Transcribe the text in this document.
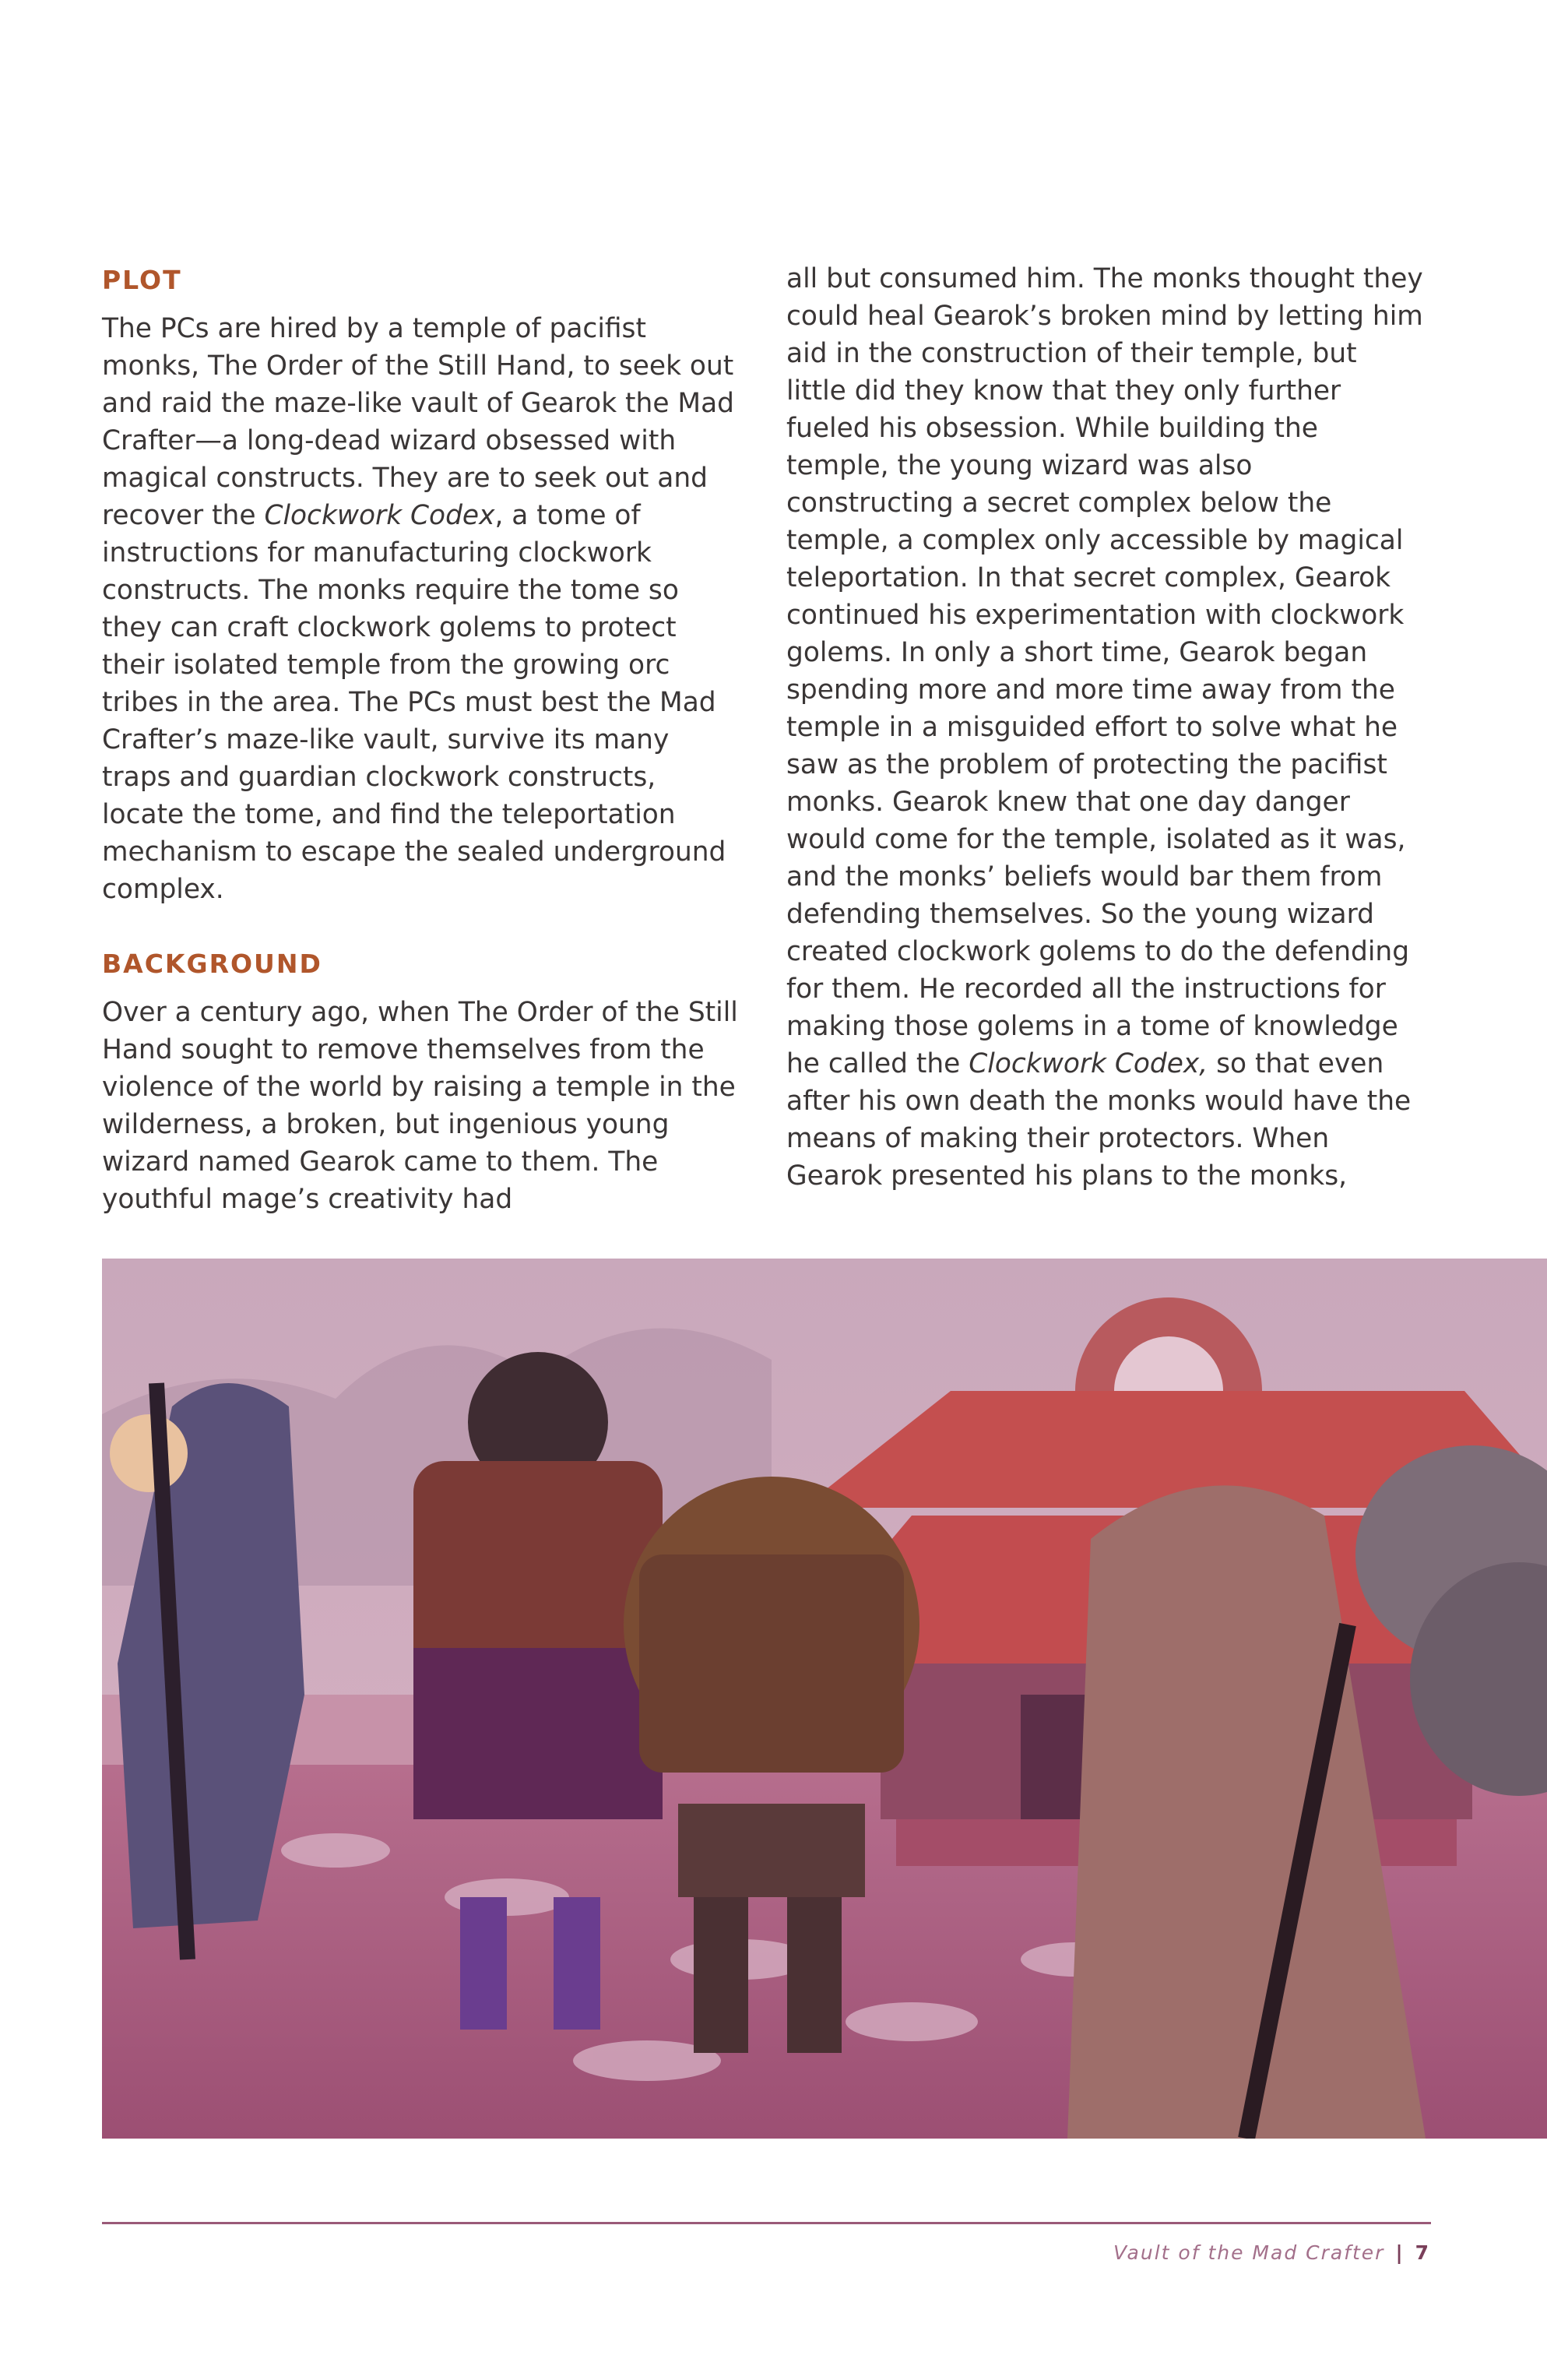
PLOT

The PCs are hired by a temple of pacifist monks, The Order of the Still Hand, to seek out and raid the maze-like vault of Gearok the Mad Crafter—a long-dead wizard obsessed with magical constructs. They are to seek out and recover the Clockwork Codex, a tome of instructions for manufacturing clockwork constructs. The monks require the tome so they can craft clockwork golems to protect their isolated temple from the growing orc tribes in the area. The PCs must best the Mad Crafter’s maze-like vault, survive its many traps and guardian clockwork constructs, locate the tome, and find the teleportation mechanism to escape the sealed underground complex.

BACKGROUND

Over a century ago, when The Order of the Still Hand sought to remove themselves from the violence of the world by raising a temple in the wilderness, a broken, but ingenious young wizard named Gearok came to them. The youthful mage’s creativity had

all but consumed him. The monks thought they could heal Gearok’s broken mind by letting him aid in the construction of their temple, but little did they know that they only further fueled his obsession. While building the temple, the young wizard was also constructing a secret complex below the temple, a complex only accessible by magical teleportation. In that secret complex, Gearok continued his experimentation with clockwork golems. In only a short time, Gearok began spending more and more time away from the temple in a misguided effort to solve what he saw as the problem of protecting the pacifist monks. Gearok knew that one day danger would come for the temple, isolated as it was, and the monks’ beliefs would bar them from defending themselves. So the young wizard created clockwork golems to do the defending for them. He recorded all the instructions for making those golems in a tome of knowledge he called the Clockwork Codex, so that even after his own death the monks would have the means of making their protectors. When Gearok presented his plans to the monks,

Vault of the Mad Crafter | 7
